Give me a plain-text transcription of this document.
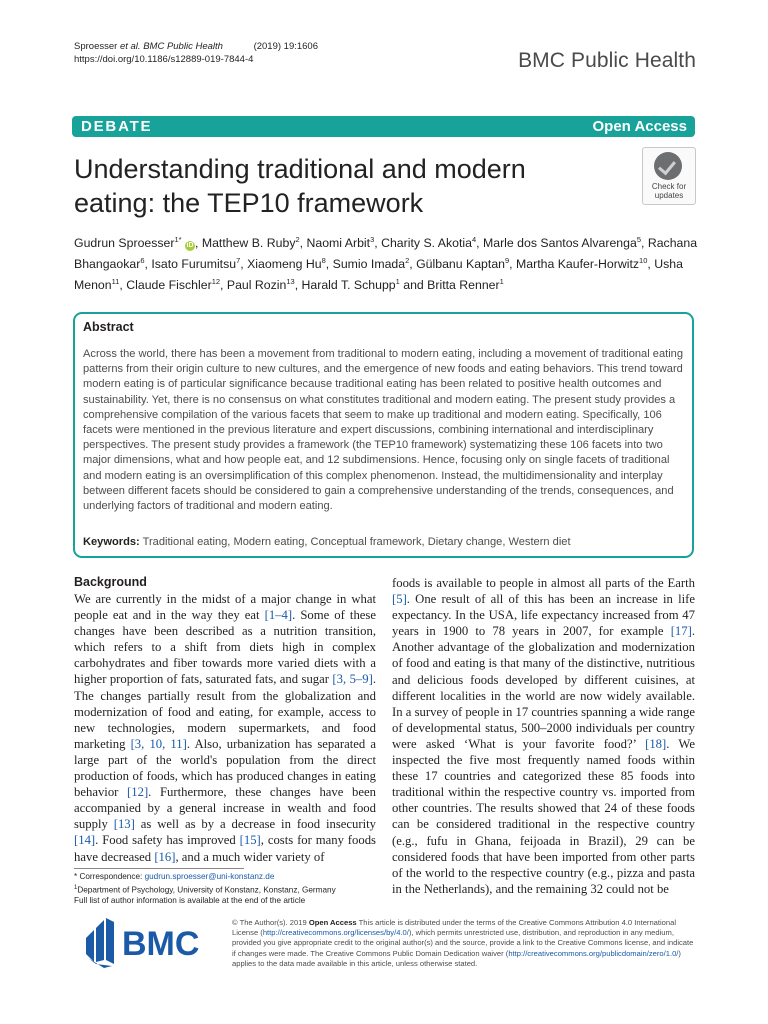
Sproesser et al. BMC Public Health	(2019) 19:1606
https://doi.org/10.1186/s12889-019-7844-4	BMC Public Health
DEBATE	Open Access
Understanding traditional and modern eating: the TEP10 framework
Check for
updates
Gudrun Sproesser$^{1*}$ iD , Matthew B. Ruby$^2$, Naomi Arbit$^3$, Charity S. Akotia$^4$, Marle dos Santos Alvarenga$^5$, Rachana Bhangaokar$^6$, Isato Furumitsu$^7$, Xiaomeng Hu$^8$, Sumio Imada$^2$, Gülbanu Kaptan$^9$, Martha Kaufer-Horwitz$^{10}$, Usha Menon$^{11}$, Claude Fischler$^{12}$, Paul Rozin$^{13}$, Harald T. Schupp$^1$ and Britta Renner$^1$
Abstract
Across the world, there has been a movement from traditional to modern eating, including a movement of traditional eating patterns from their origin culture to new cultures, and the emergence of new foods and eating behaviors. This trend toward modern eating is of particular significance because traditional eating has been related to positive health outcomes and sustainability. Yet, there is no consensus on what constitutes traditional and modern eating. The present study provides a comprehensive compilation of the various facets that seem to make up traditional and modern eating. Specifically, 106 facets were mentioned in the previous literature and expert discussions, combining international and interdisciplinary perspectives. The present study provides a framework (the TEP10 framework) systematizing these 106 facets into two major dimensions, what and how people eat, and 12 subdimensions. Hence, focusing only on single facets of traditional and modern eating is an oversimplification of this complex phenomenon. Instead, the multidimensionality and interplay between different facets should be considered to gain a comprehensive understanding of the trends, consequences, and underlying factors of traditional and modern eating.
Keywords: Traditional eating, Modern eating, Conceptual framework, Dietary change, Western diet
Background

We are currently in the midst of a major change in what people eat and in the way they eat [1–4]. Some of these changes have been described as a nutrition transition, which refers to a shift from diets high in complex carbohydrates and fiber towards more varied diets with a higher proportion of fats, saturated fats, and sugar [3, 5–9]. The changes partially result from the globalization and modernization of food and eating, for example, access to new technologies, modern supermarkets, and food marketing [3, 10, 11]. Also, urbanization has separated a large part of the world's population from the direct production of foods, which has produced changes in eating behavior [12]. Furthermore, these changes have been accompanied by a general increase in wealth and food supply [13] as well as by a decrease in food insecurity [14]. Food safety has improved [15], costs for many foods have decreased [16], and a much wider variety of

foods is available to people in almost all parts of the Earth [5]. One result of all of this has been an increase in life expectancy. In the USA, life expectancy increased from 47 years in 1900 to 78 years in 2007, for example [17]. Another advantage of the globalization and modernization of food and eating is that many of the distinctive, nutritious and delicious foods developed by different cuisines, at different localities in the world are now widely available. In a survey of people in 17 countries spanning a wide range of developmental status, 500–2000 individuals per country were asked ‘What is your favorite food?’ [18]. We inspected the five most frequently named foods within these 17 countries and categorized these 85 foods into traditional within the respective country vs. imported from other countries. The results showed that 24 of these foods can be considered traditional in the respective country (e.g., fufu in Ghana, feijoada in Brazil), 29 can be considered foods that have been imported from other parts of the world to the respective country (e.g., pizza and pasta in the Netherlands), and the remaining 32 could not be

* Correspondence: gudrun.sproesser@uni-konstanz.de
$^1$Department of Psychology, University of Konstanz, Konstanz, Germany
Full list of author information is available at the end of the article
BMC
© The Author(s). 2019 Open Access This article is distributed under the terms of the Creative Commons Attribution 4.0 International License (http://creativecommons.org/licenses/by/4.0/), which permits unrestricted use, distribution, and reproduction in any medium, provided you give appropriate credit to the original author(s) and the source, provide a link to the Creative Commons license, and indicate if changes were made. The Creative Commons Public Domain Dedication waiver (http://creativecommons.org/publicdomain/zero/1.0/) applies to the data made available in this article, unless otherwise stated.
